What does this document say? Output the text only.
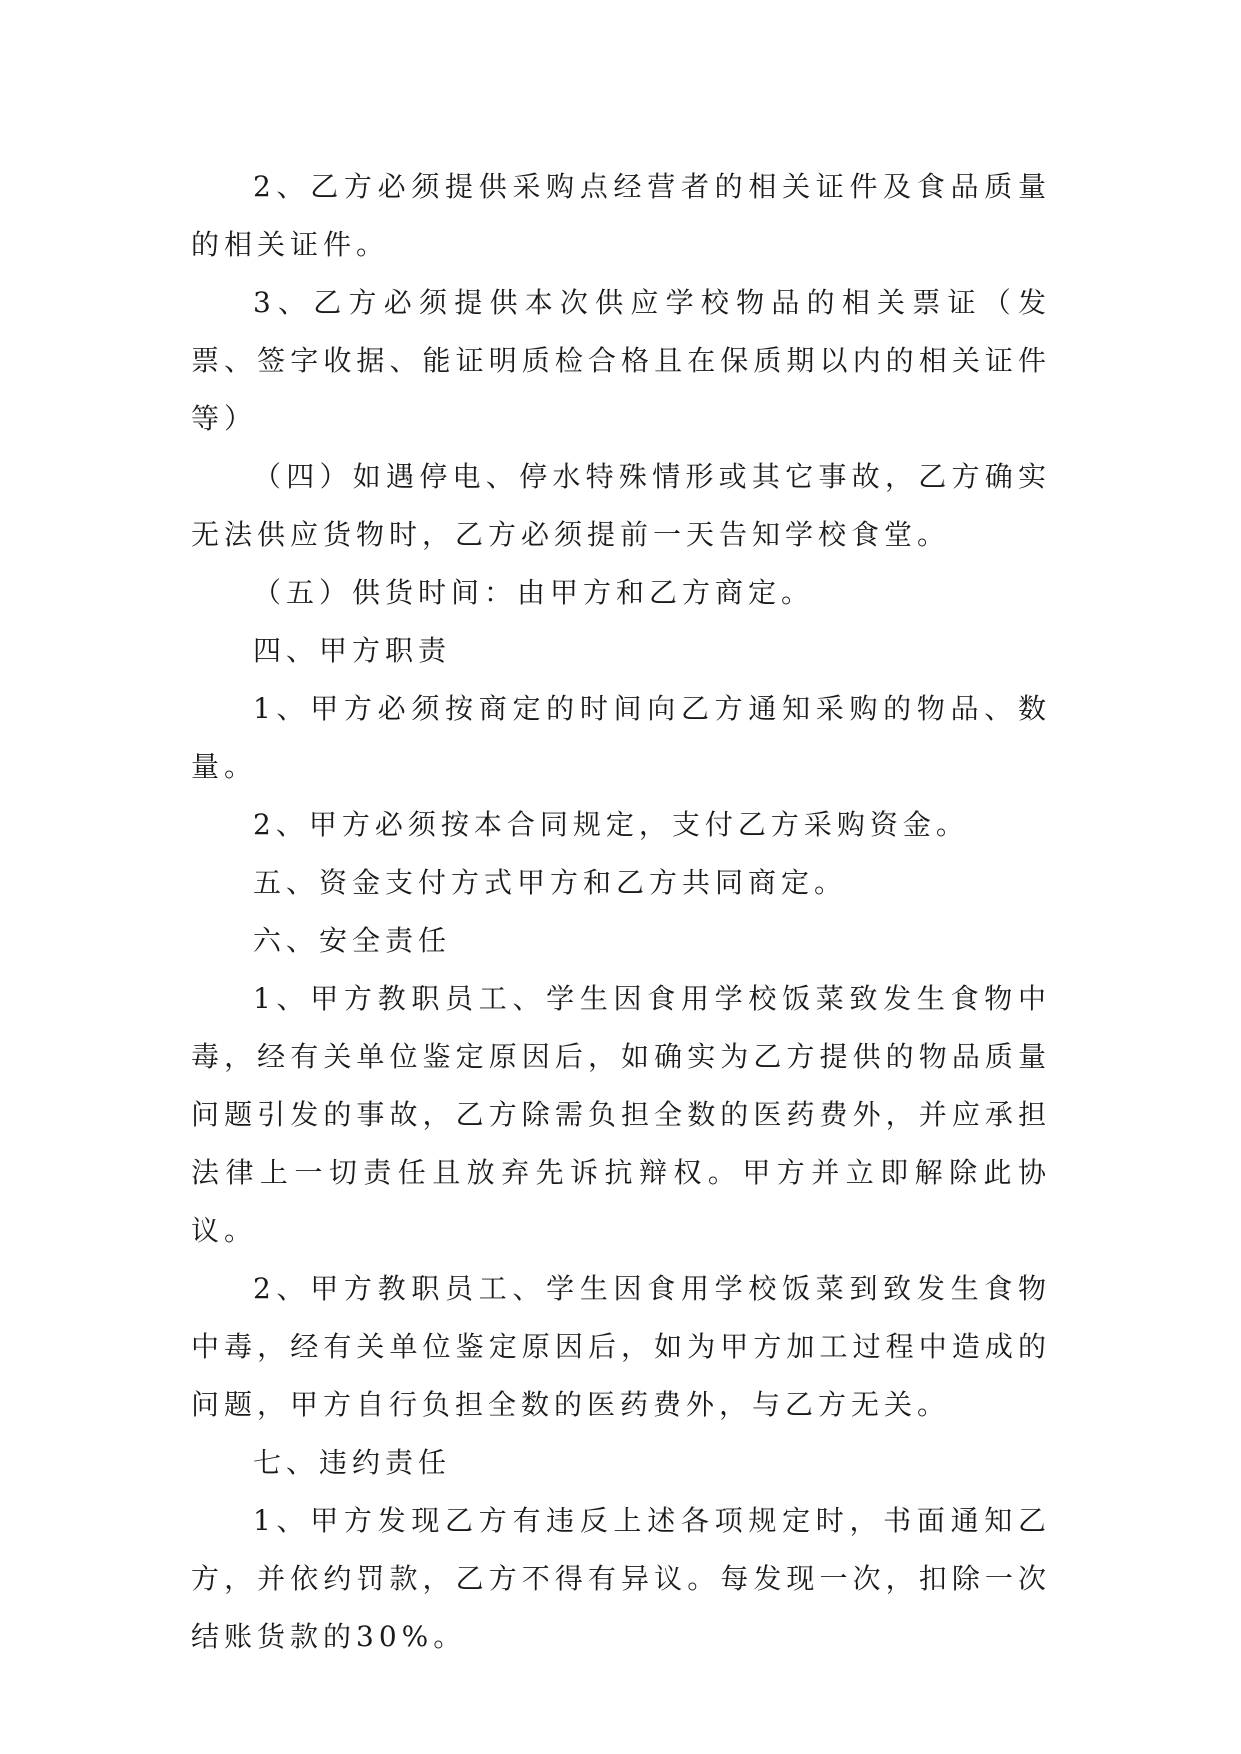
2、乙方必须提供采购点经营者的相关证件及食品质量的相关证件。

3、乙方必须提供本次供应学校物品的相关票证（发票、签字收据、能证明质检合格且在保质期以内的相关证件等）

（四）如遇停电、停水特殊情形或其它事故，乙方确实无法供应货物时，乙方必须提前一天告知学校食堂。

（五）供货时间：由甲方和乙方商定。

四、甲方职责

1、甲方必须按商定的时间向乙方通知采购的物品、数量。

2、甲方必须按本合同规定，支付乙方采购资金。

五、资金支付方式甲方和乙方共同商定。

六、安全责任

1、甲方教职员工、学生因食用学校饭菜致发生食物中毒，经有关单位鉴定原因后，如确实为乙方提供的物品质量问题引发的事故，乙方除需负担全数的医药费外，并应承担法律上一切责任且放弃先诉抗辩权。甲方并立即解除此协议。

2、甲方教职员工、学生因食用学校饭菜到致发生食物中毒，经有关单位鉴定原因后，如为甲方加工过程中造成的问题，甲方自行负担全数的医药费外，与乙方无关。

七、违约责任

1、甲方发现乙方有违反上述各项规定时，书面通知乙方，并依约罚款，乙方不得有异议。每发现一次，扣除一次结账货款的30%。
